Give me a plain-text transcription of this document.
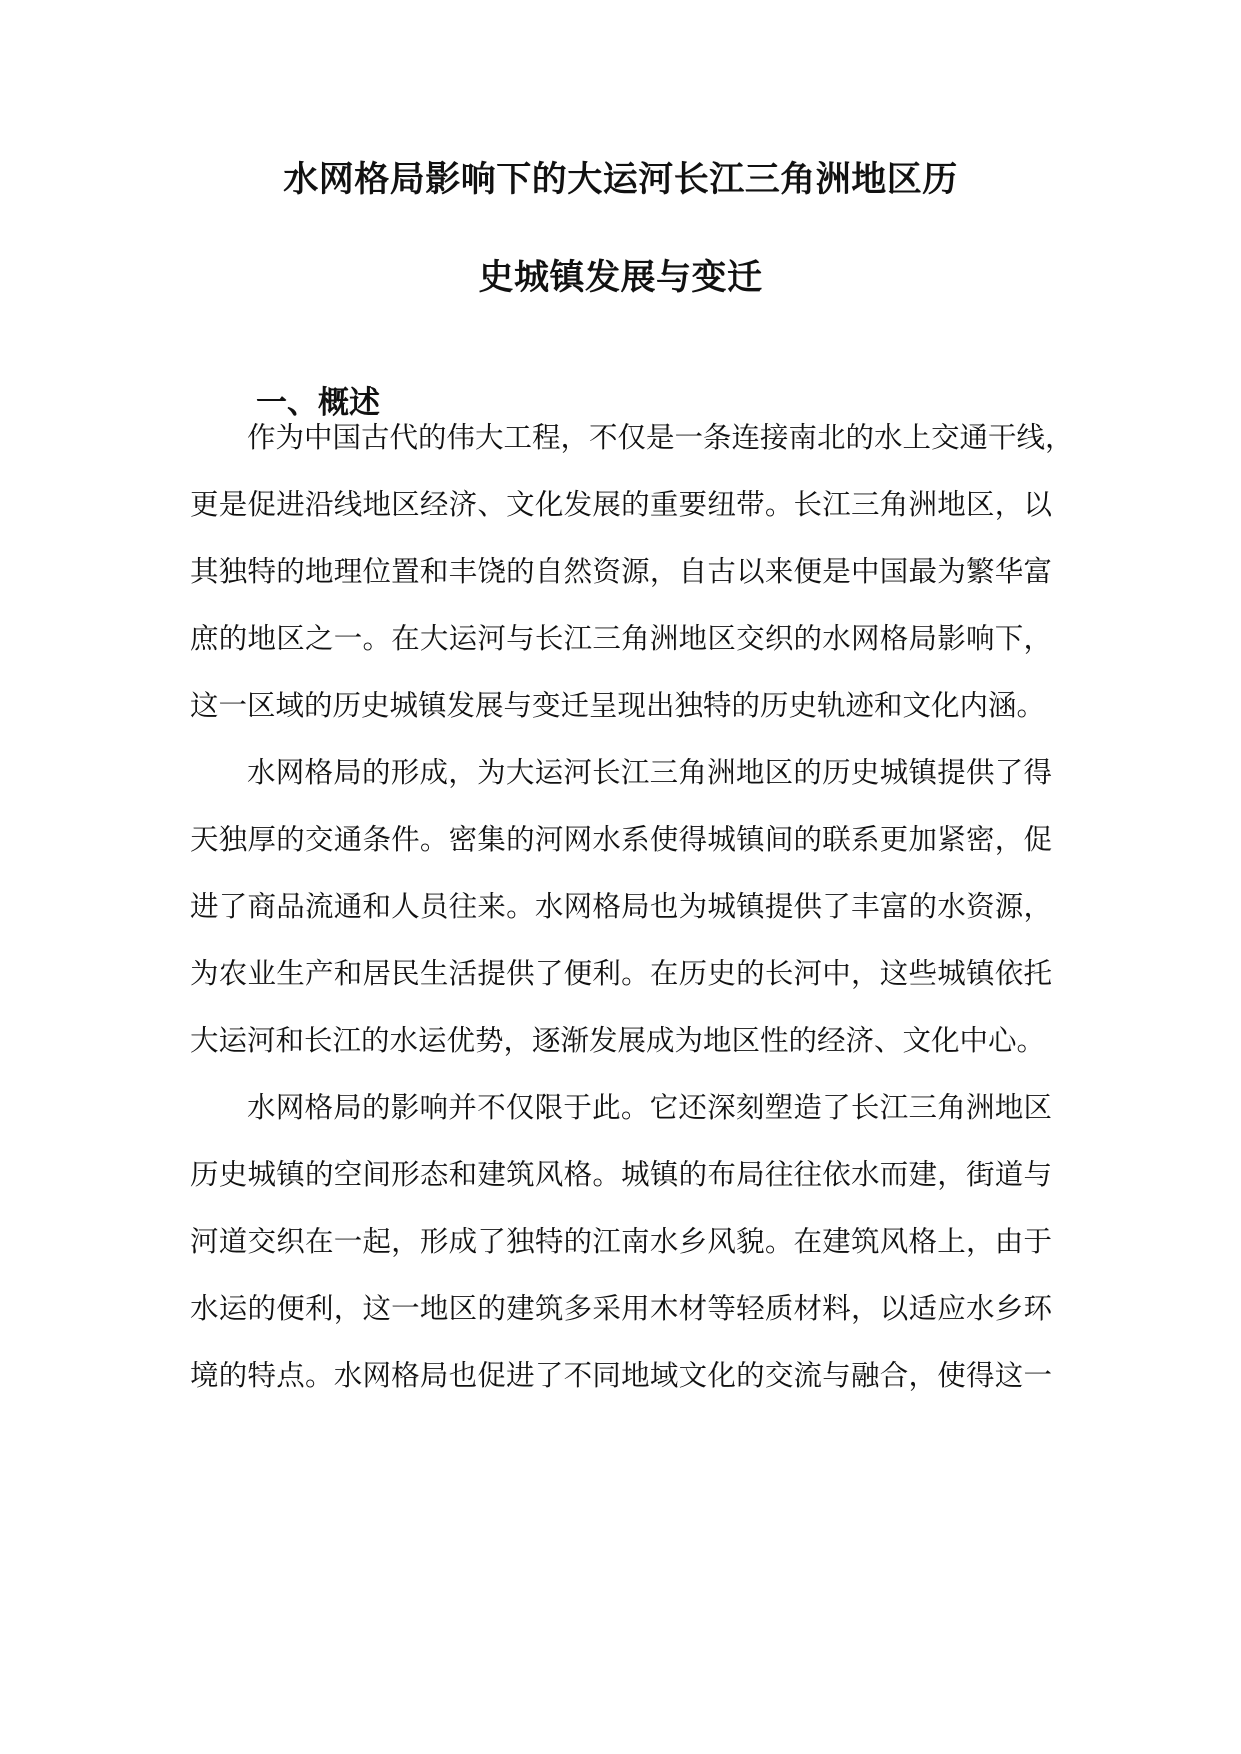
水网格局影响下的大运河长江三角洲地区历
史城镇发展与变迁
一、概述
作为中国古代的伟大工程，不仅是一条连接南北的水上交通干线，
更是促进沿线地区经济、文化发展的重要纽带。长江三角洲地区，以
其独特的地理位置和丰饶的自然资源，自古以来便是中国最为繁华富
庶的地区之一。在大运河与长江三角洲地区交织的水网格局影响下，
这一区域的历史城镇发展与变迁呈现出独特的历史轨迹和文化内涵。
水网格局的形成，为大运河长江三角洲地区的历史城镇提供了得
天独厚的交通条件。密集的河网水系使得城镇间的联系更加紧密，促
进了商品流通和人员往来。水网格局也为城镇提供了丰富的水资源，
为农业生产和居民生活提供了便利。在历史的长河中，这些城镇依托
大运河和长江的水运优势，逐渐发展成为地区性的经济、文化中心。
水网格局的影响并不仅限于此。它还深刻塑造了长江三角洲地区
历史城镇的空间形态和建筑风格。城镇的布局往往依水而建，街道与
河道交织在一起，形成了独特的江南水乡风貌。在建筑风格上，由于
水运的便利，这一地区的建筑多采用木材等轻质材料，以适应水乡环
境的特点。水网格局也促进了不同地域文化的交流与融合，使得这一
